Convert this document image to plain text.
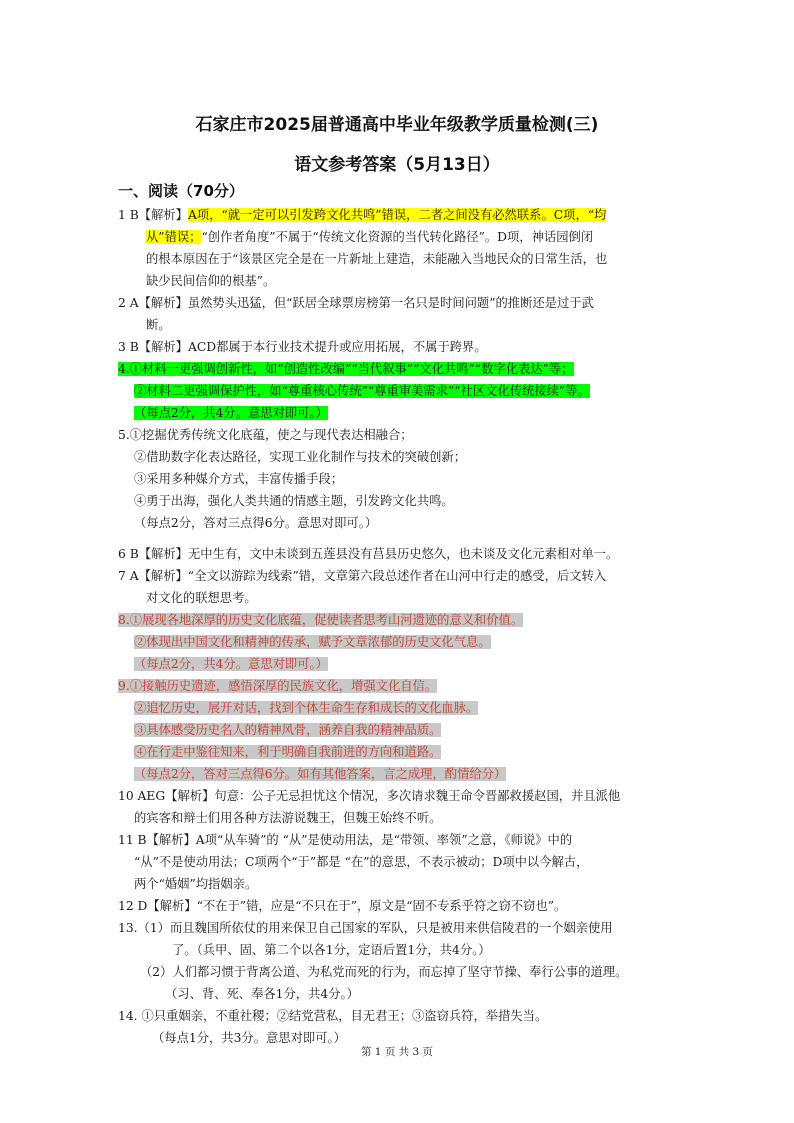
石家庄市2025届普通高中毕业年级教学质量检测(三)
语文参考答案（5月13日）
一、阅读（70分）
1 B【解析】A项，“就一定可以引发跨文化共鸣”错误，二者之间没有必然联系。C项，“均
从”错误；“创作者角度”不属于“传统文化资源的当代转化路径”。D项，神话园倒闭
的根本原因在于“该景区完全是在一片新址上建造，未能融入当地民众的日常生活，也
缺少民间信仰的根基”。
2 A【解析】虽然势头迅猛，但“跃居全球票房榜第一名只是时间问题”的推断还是过于武
断。
3 B【解析】ACD都属于本行业技术提升或应用拓展，不属于跨界。
4.①材料一更强调创新性，如“创造性改编”“当代叙事”“文化共鸣”“数字化表达”等；
②材料二更强调保护性，如“尊重核心传统”“尊重审美需求”“社区文化传统接续”等。
（每点2分，共4分。意思对即可。）
5.①挖掘优秀传统文化底蕴，使之与现代表达相融合；
②借助数字化表达路径，实现工业化制作与技术的突破创新；
③采用多种媒介方式，丰富传播手段；
④勇于出海，强化人类共通的情感主题，引发跨文化共鸣。
（每点2分，答对三点得6分。意思对即可。）
6 B【解析】无中生有，文中未谈到五莲县没有莒县历史悠久，也未谈及文化元素相对单一。
7 A【解析】“全文以游踪为线索”错，文章第六段总述作者在山河中行走的感受，后文转入
对文化的联想思考。
8.①展现各地深厚的历史文化底蕴，促使读者思考山河遗迹的意义和价值。
②体现出中国文化和精神的传承，赋予文章浓郁的历史文化气息。
（每点2分，共4分。意思对即可。）
9.①接触历史遗迹，感悟深厚的民族文化，增强文化自信。
②追忆历史，展开对话，找到个体生命生存和成长的文化血脉。
③具体感受历史名人的精神风骨，涵养自我的精神品质。
④在行走中鉴往知来，利于明确自我前进的方向和道路。
（每点2分，答对三点得6分。如有其他答案，言之成理，酌情给分）
10 AEG【解析】句意：公子无忌担忧这个情况，多次请求魏王命令晋鄙救援赵国，并且派他
的宾客和辩士们用各种方法游说魏王，但魏王始终不听。
11 B【解析】A项“从车骑”的 “从”是使动用法，是“带领、率领”之意，《师说》中的
“从”不是使动用法；C项两个“于”都是 “在”的意思，不表示被动；D项中以今解古，
两个“婚姻”均指姻亲。
12 D【解析】“不在于”错，应是“不只在于”，原文是“固不专系乎符之窃不窃也”。
13.（1）而且魏国所依仗的用来保卫自己国家的军队，只是被用来供信陵君的一个姻亲使用
了。（兵甲、固、第二个以各1分，定语后置1分，共4分。）
（2）人们都习惯于背离公道、为私党而死的行为，而忘掉了坚守节操、奉行公事的道理。
（习、背、死、奉各1分，共4分。）
14. ①只重姻亲，不重社稷；②结党营私，目无君王；③盗窃兵符，举措失当。
（每点1分，共3分。意思对即可。）
第 1 页 共 3 页
